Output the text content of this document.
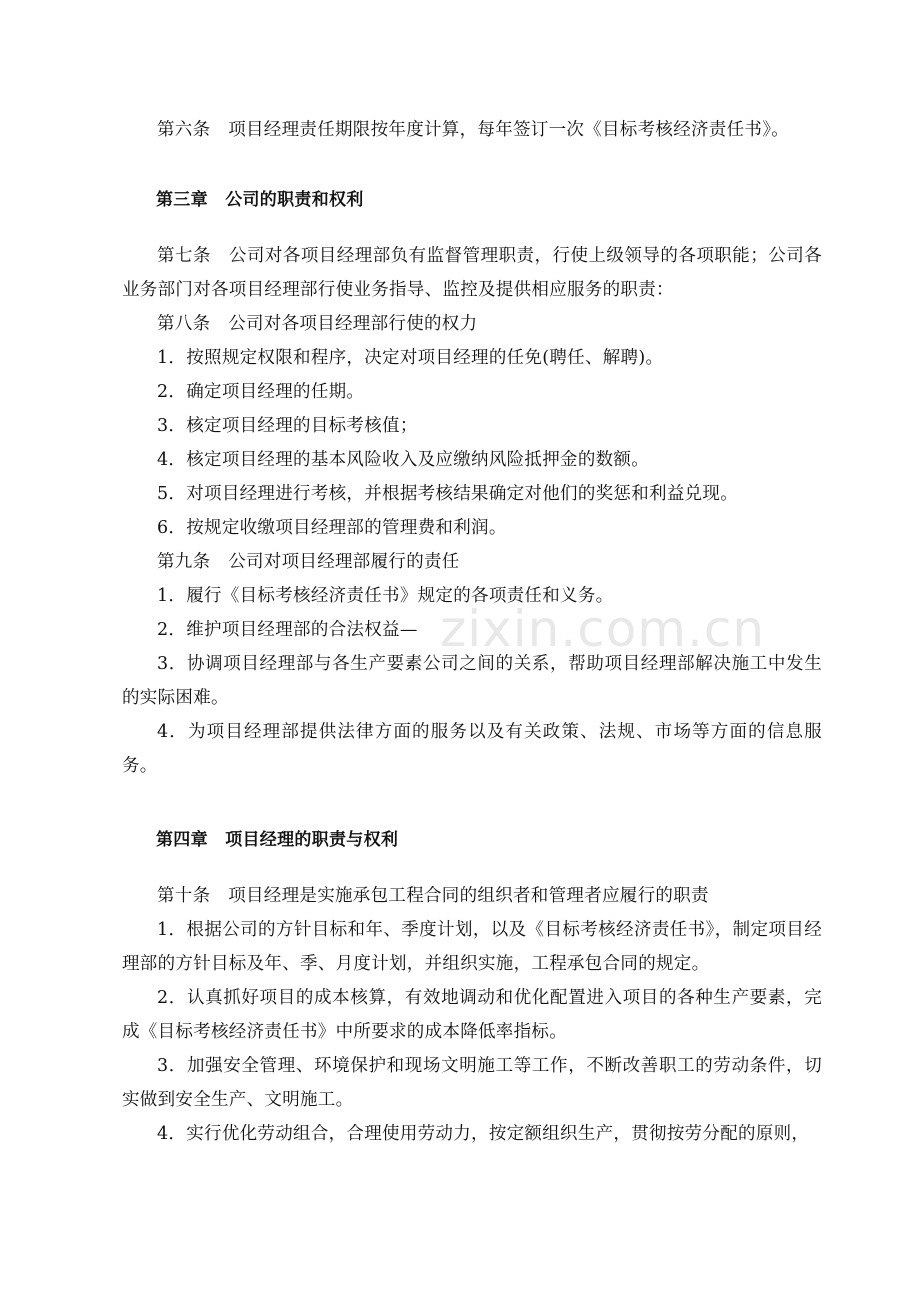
zixin.com.cn

第六条　项目经理责任期限按年度计算，每年签订一次《目标考核经济责任书》。

第三章　公司的职责和权利

第七条　公司对各项目经理部负有监督管理职责，行使上级领导的各项职能；公司各业务部门对各项目经理部行使业务指导、监控及提供相应服务的职责：

第八条　公司对各项目经理部行使的权力

1．按照规定权限和程序，决定对项目经理的任免(聘任、解聘)。

2．确定项目经理的任期。

3．核定项目经理的目标考核值；

4．核定项目经理的基本风险收入及应缴纳风险抵押金的数额。

5．对项目经理进行考核，并根据考核结果确定对他们的奖惩和利益兑现。

6．按规定收缴项目经理部的管理费和利润。

第九条　公司对项目经理部履行的责任

1．履行《目标考核经济责任书》规定的各项责任和义务。

2．维护项目经理部的合法权益—

3．协调项目经理部与各生产要素公司之间的关系，帮助项目经理部解决施工中发生的实际困难。

4．为项目经理部提供法律方面的服务以及有关政策、法规、市场等方面的信息服务。

第四章　项目经理的职责与权利

第十条　项目经理是实施承包工程合同的组织者和管理者应履行的职责

1．根据公司的方针目标和年、季度计划，以及《目标考核经济责任书》，制定项目经理部的方针目标及年、季、月度计划，并组织实施，工程承包合同的规定。

2．认真抓好项目的成本核算，有效地调动和优化配置进入项目的各种生产要素，完成《目标考核经济责任书》中所要求的成本降低率指标。

3．加强安全管理、环境保护和现场文明施工等工作，不断改善职工的劳动条件，切实做到安全生产、文明施工。

4．实行优化劳动组合，合理使用劳动力，按定额组织生产，贯彻按劳分配的原则，
